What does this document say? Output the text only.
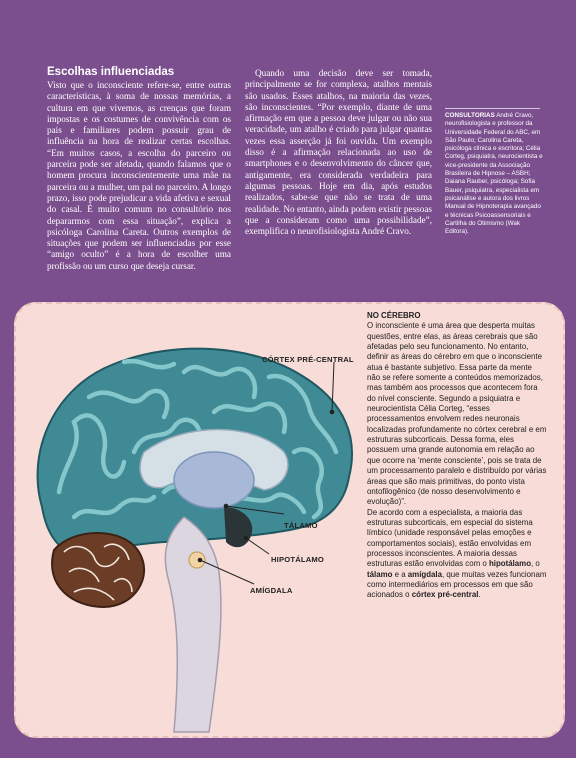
Escolhas influenciadas

Visto que o inconsciente refere-se, entre outras características, à soma de nossas memórias, a cultura em que vivemos, as crenças que foram impostas e os costumes de convivência com os pais e familiares podem possuir grau de influência na hora de realizar certas escolhas. “Em muitos casos, a escolha do parceiro ou parceira pode ser afetada, quando falamos que o homem procura inconscientemente uma mãe na parceira ou a mulher, um pai no parceiro. A longo prazo, isso pode prejudicar a vida afetiva e sexual do casal. É muito comum no consultório nos depararmos com essa situação”, explica a psicóloga Carolina Careta. Outros exemplos de situações que podem ser influenciadas por esse “amigo oculto” é a hora de escolher uma profissão ou um curso que deseja cursar.

Quando uma decisão deve ser tomada, principalmente se for complexa, atalhos mentais são usados. Esses atalhos, na maioria das vezes, são inconscientes. “Por exemplo, diante de uma afirmação em que a pessoa deve julgar ou não sua veracidade, um atalho é criado para julgar quantas vezes essa asserção já foi ouvida. Um exemplo disso é a afirmação relacionada ao uso de smartphones e o desenvolvimento do câncer que, antigamente, era considerada verdadeira para algumas pessoas. Hoje em dia, após estudos realizados, sabe-se que não se trata de uma realidade. No entanto, ainda podem existir pessoas que a consideram como uma possibilidade”, exemplifica o neurofisiologista André Cravo.

CONSULTORIAS André Cravo, neurofisiologista e professor da Universidade Federal do ABC, em São Paulo; Carolina Careta, psicóloga clínica e escritora; Célia Corteg, psiquiatra, neurocientista e vice-presidente da Associação Brasileira de Hipnose – ASBH; Daiana Rauber, psicóloga; Sofia Bauer, psiquiatra, especialista em psicanálise e autora dos livros Manual de Hipnoterapia avançado e técnicas Psicoassensoriais e Cartilha do Otimismo (Wak Editora).

CÓRTEX PRÉ-CENTRAL
TÁLAMO
HIPOTÁLAMO
AMÍGDALA
NO CÉREBRO
O inconsciente é uma área que desperta muitas questões, entre elas, as áreas cerebrais que são afetadas pelo seu funcionamento. No entanto, definir as áreas do cérebro em que o inconsciente atua é bastante subjetivo. Essa parte da mente não se refere somente a conteúdos memorizados, mas também aos processos que acontecem fora do nível consciente. Segundo a psiquiatra e neurocientista Célia Corteg, “esses processamentos envolvem redes neuronais localizadas profundamente no córtex cerebral e em estruturas subcorticais. Dessa forma, eles possuem uma grande autonomia em relação ao que ocorre na ‘mente consciente’, pois se trata de um processamento paralelo e distribuído por várias áreas que são mais primitivas, do ponto vista ontofilogênico (de nosso desenvolvimento e evolução)”.
De acordo com a especialista, a maioria das estruturas subcorticais, em especial do sistema límbico (unidade responsável pelas emoções e comportamentos sociais), estão envolvidas em processos inconscientes. A maioria dessas estruturas estão envolvidas com o hipotálamo, o tálamo e a amígdala, que muitas vezes funcionam como intermediários em processos em que são acionados o córtex pré-central.
